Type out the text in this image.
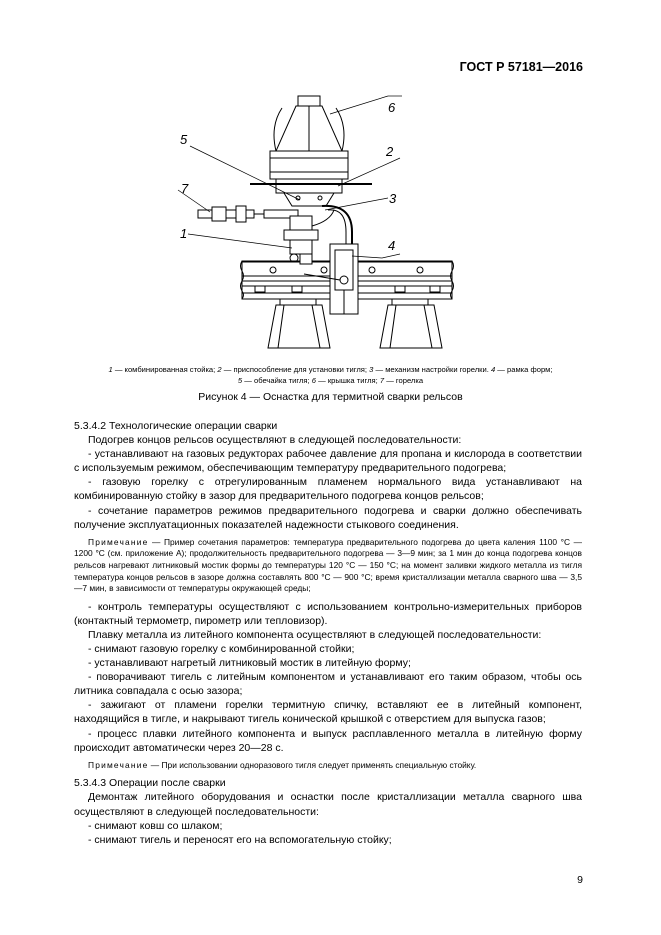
ГОСТ Р 57181—2016
6
5
2
3
7
1
4
1 — комбинированная стойка; 2 — приспособление для установки тигля; 3 — механизм настройки горелки. 4 — рамка форм;
5 — обечайка тигля; 6 — крышка тигля; 7 — горелка
Рисунок 4 — Оснастка для термитной сварки рельсов

5.3.4.2 Технологические операции сварки

Подогрев концов рельсов осуществляют в следующей последовательности:

- устанавливают на газовых редукторах рабочее давление для пропана и кислорода в соответствии с используемым режимом, обеспечивающим температуру предварительного подогрева;

- газовую горелку с отрегулированным пламенем нормального вида устанавливают на комбинированную стойку в зазор для предварительного подогрева концов рельсов;

- сочетание параметров режимов предварительного подогрева и сварки должно обеспечивать получение эксплуатационных показателей надежности стыкового соединения.

Примечание — Пример сочетания параметров: температура предварительного подогрева до цвета каления 1100 °C — 1200 °C (см. приложение А); продолжительность предварительного подогрева — 3—9 мин; за 1 мин до конца подогрева концов рельсов нагревают литниковый мостик формы до температуры 120 °C — 150 °C; на момент заливки жидкого металла из тигля температура концов рельсов в зазоре должна составлять 800 °C — 900 °C; время кристаллизации металла сварного шва — 3,5—7 мин, в зависимости от температуры окружающей среды;

- контроль температуры осуществляют с использованием контрольно-измерительных приборов (контактный термометр, пирометр или тепловизор).

Плавку металла из литейного компонента осуществляют в следующей последовательности:

- снимают газовую горелку с комбинированной стойки;

- устанавливают нагретый литниковый мостик в литейную форму;

- поворачивают тигель с литейным компонентом и устанавливают его таким образом, чтобы ось литника совпадала с осью зазора;

- зажигают от пламени горелки термитную спичку, вставляют ее в литейный компонент, находящийся в тигле, и накрывают тигель конической крышкой с отверстием для выпуска газов;

- процесс плавки литейного компонента и выпуск расплавленного металла в литейную форму происходит автоматически через 20—28 с.

Примечание — При использовании одноразового тигля следует применять специальную стойку.

5.3.4.3 Операции после сварки

Демонтаж литейного оборудования и оснастки после кристаллизации металла сварного шва осуществляют в следующей последовательности:

- снимают ковш со шлаком;

- снимают тигель и переносят его на вспомогательную стойку;

9
